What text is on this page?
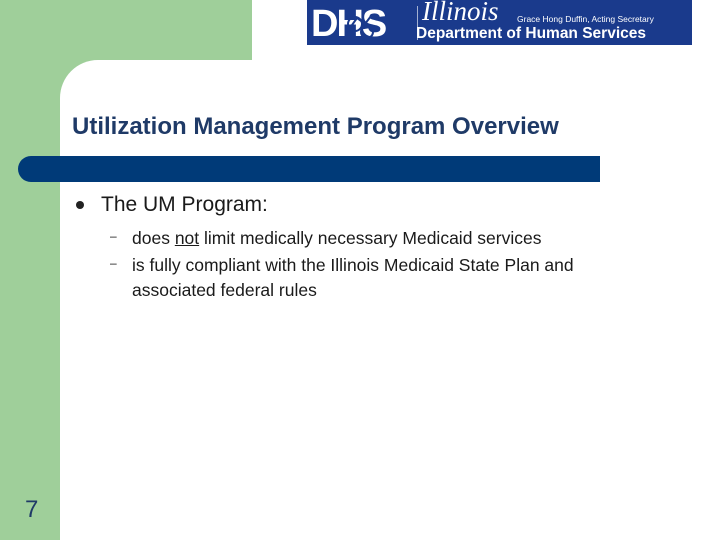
DHS Illinois Grace Hong Duffin, Acting Secretary
Department of Human Services
Utilization Management Program Overview
The UM Program:
– does not limit medically necessary Medicaid services
– is fully compliant with the Illinois Medicaid State Plan and
associated federal rules
7
